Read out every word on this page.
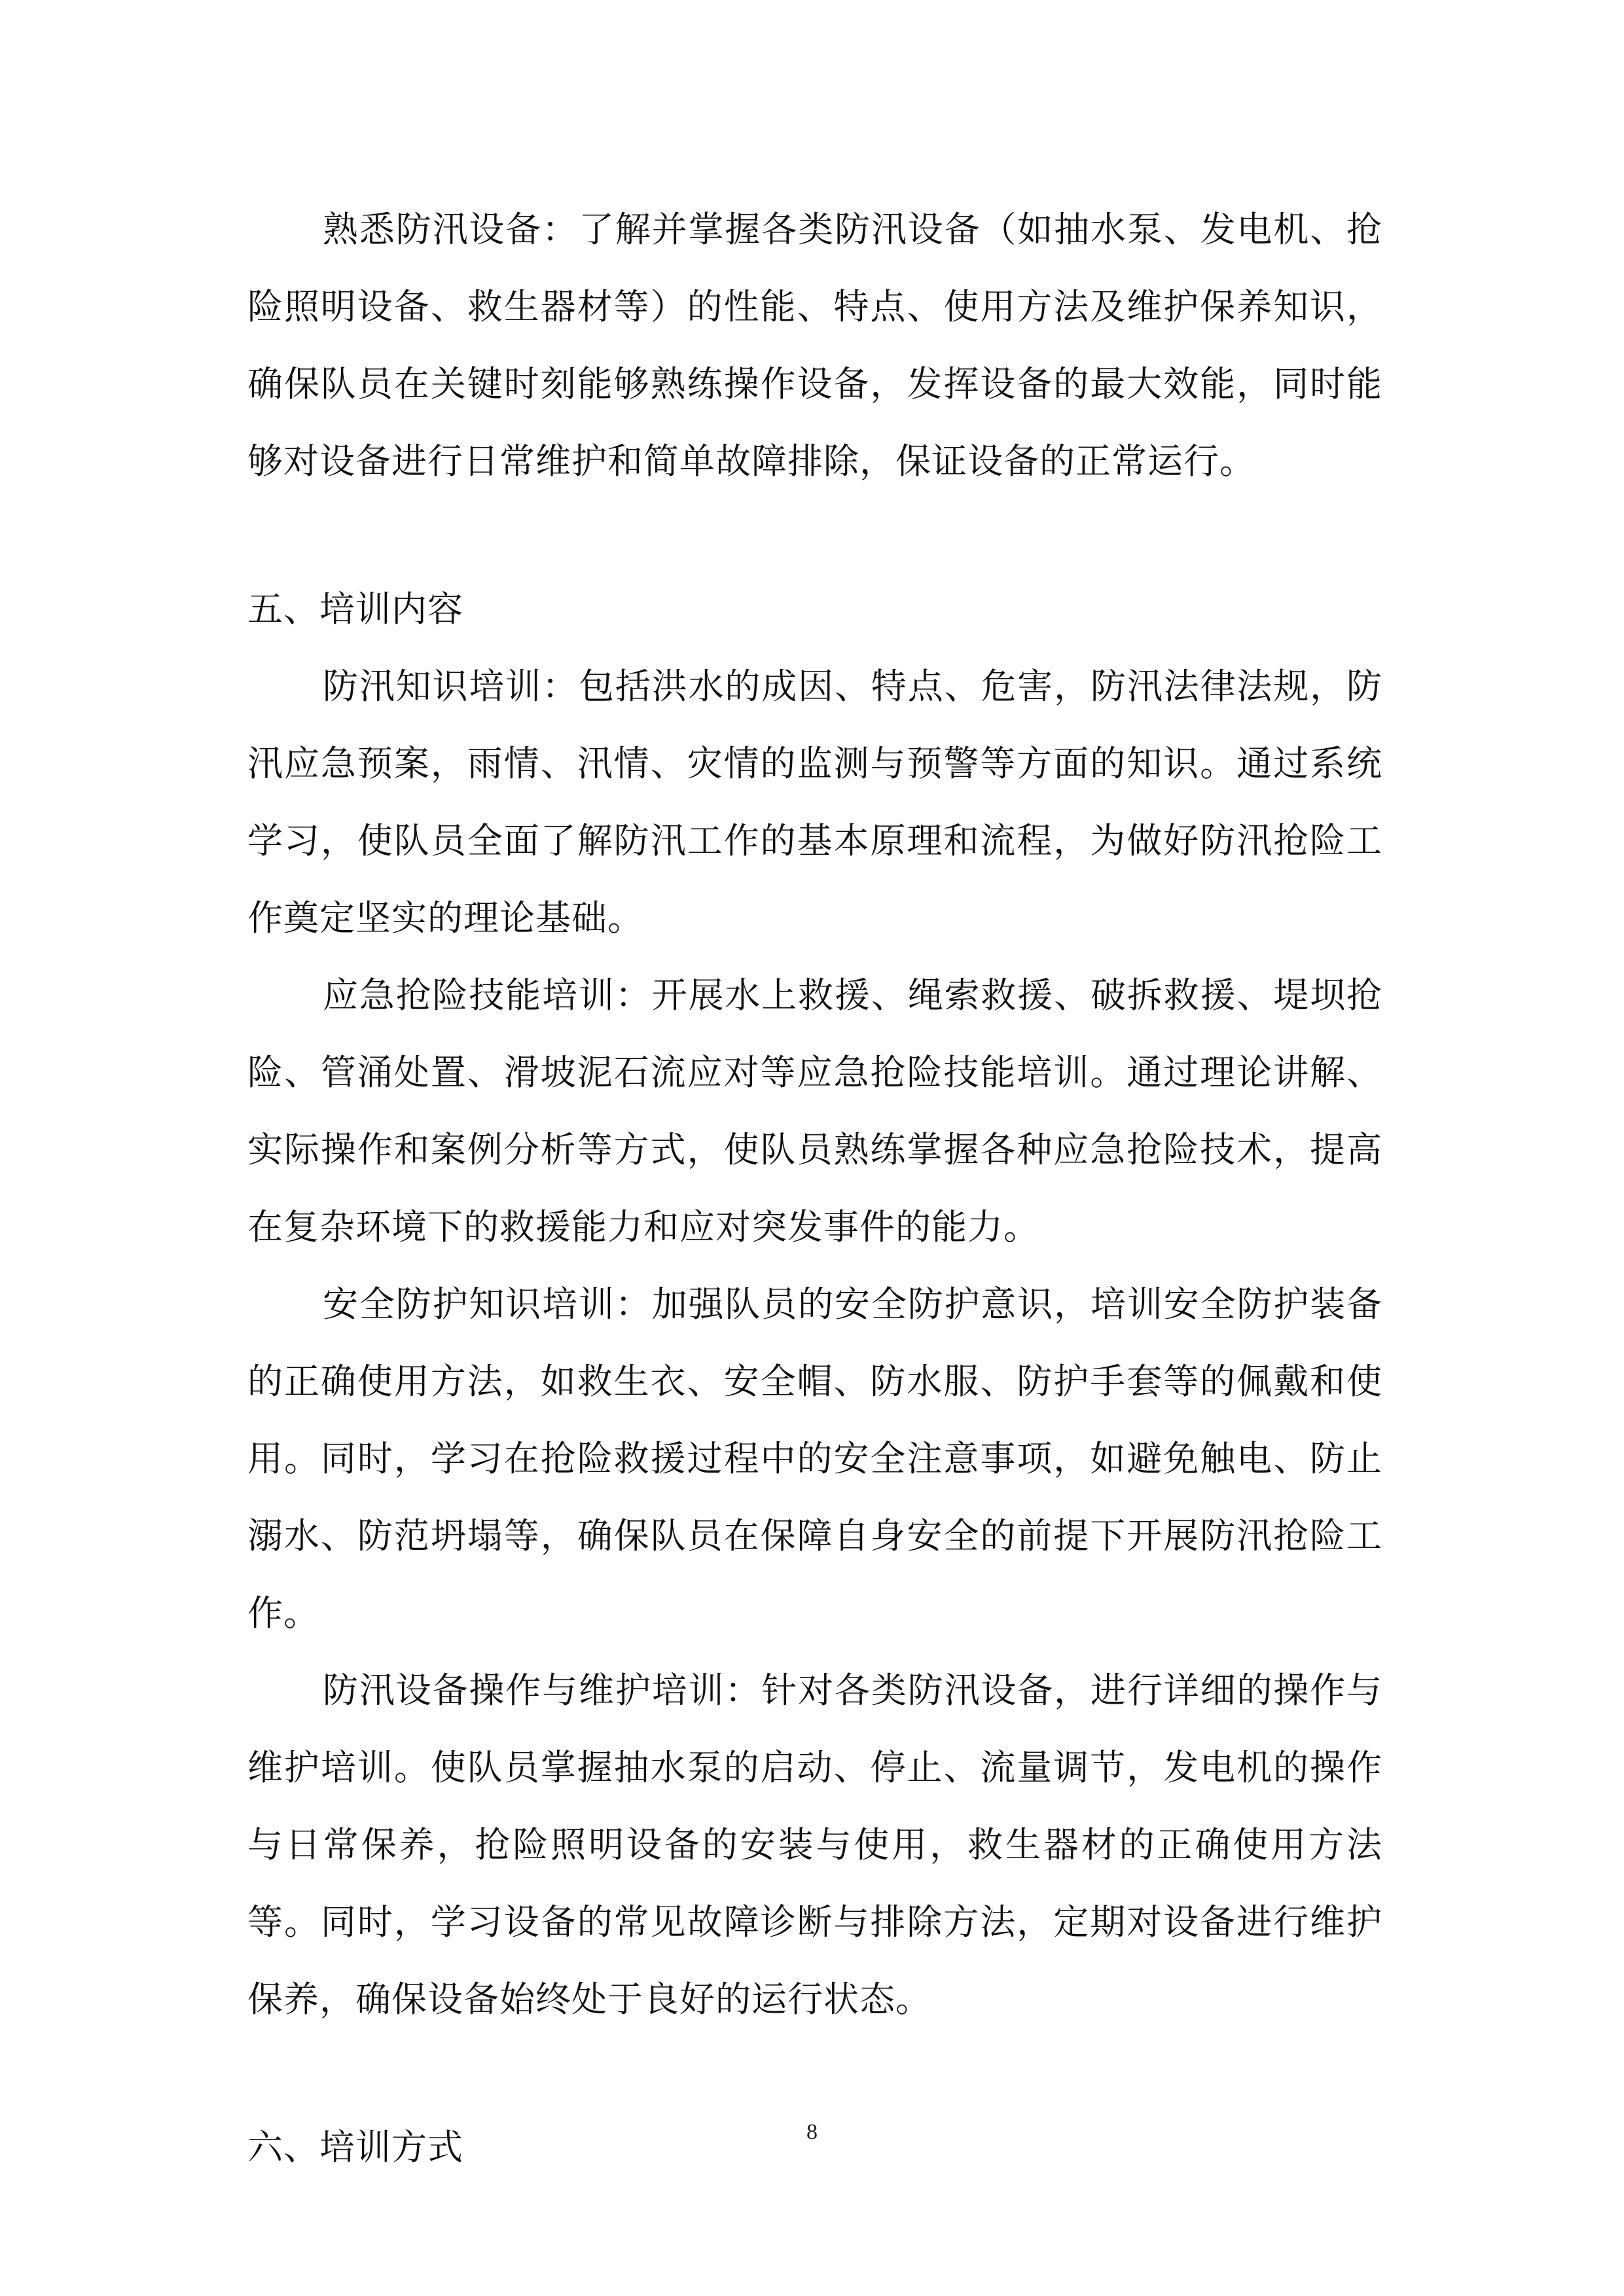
熟悉防汛设备：了解并掌握各类防汛设备（如抽水泵、发电机、抢险照明设备、救生器材等）的性能、特点、使用方法及维护保养知识，确保队员在关键时刻能够熟练操作设备，发挥设备的最大效能，同时能够对设备进行日常维护和简单故障排除，保证设备的正常运行。

五、培训内容

防汛知识培训：包括洪水的成因、特点、危害，防汛法律法规，防汛应急预案，雨情、汛情、灾情的监测与预警等方面的知识。通过系统学习，使队员全面了解防汛工作的基本原理和流程，为做好防汛抢险工作奠定坚实的理论基础。

应急抢险技能培训：开展水上救援、绳索救援、破拆救援、堤坝抢险、管涌处置、滑坡泥石流应对等应急抢险技能培训。通过理论讲解、实际操作和案例分析等方式，使队员熟练掌握各种应急抢险技术，提高在复杂环境下的救援能力和应对突发事件的能力。

安全防护知识培训：加强队员的安全防护意识，培训安全防护装备的正确使用方法，如救生衣、安全帽、防水服、防护手套等的佩戴和使用。同时，学习在抢险救援过程中的安全注意事项，如避免触电、防止溺水、防范坍塌等，确保队员在保障自身安全的前提下开展防汛抢险工作。

防汛设备操作与维护培训：针对各类防汛设备，进行详细的操作与维护培训。使队员掌握抽水泵的启动、停止、流量调节，发电机的操作与日常保养，抢险照明设备的安装与使用，救生器材的正确使用方法等。同时，学习设备的常见故障诊断与排除方法，定期对设备进行维护保养，确保设备始终处于良好的运行状态。

六、培训方式	8
